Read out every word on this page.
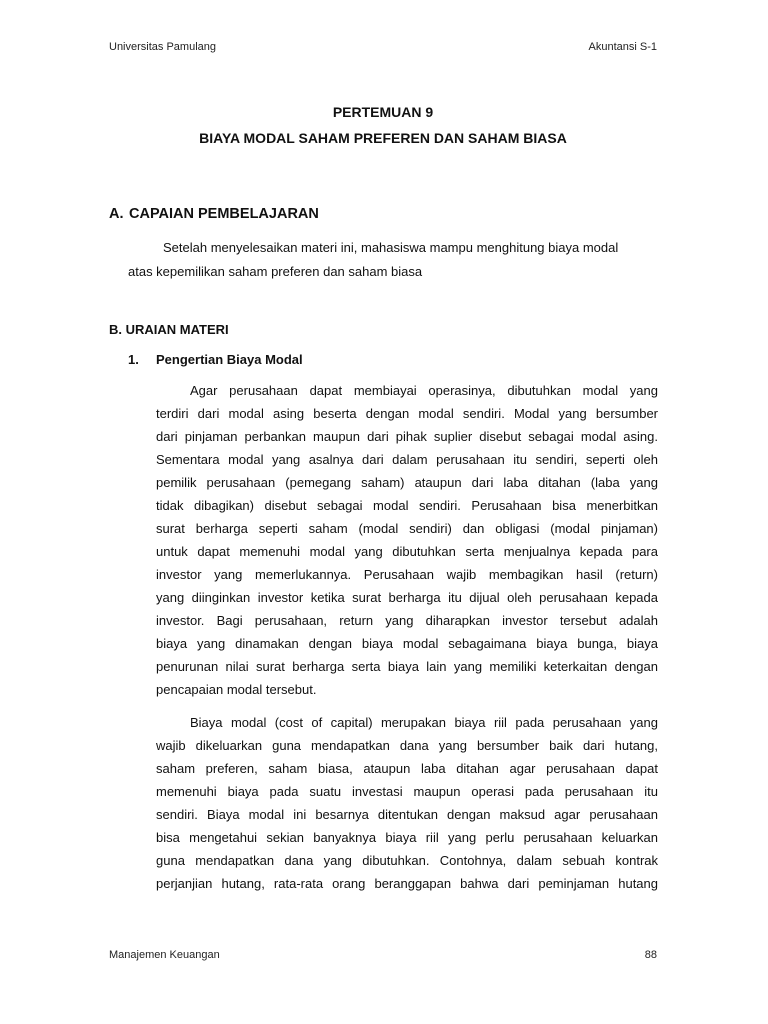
Universitas Pamulang	Akuntansi S-1
PERTEMUAN 9
BIAYA MODAL SAHAM PREFEREN DAN SAHAM BIASA
A. CAPAIAN PEMBELAJARAN
Setelah menyelesaikan materi ini, mahasiswa mampu menghitung biaya modal
atas kepemilikan saham preferen dan saham biasa
B. URAIAN MATERI
1. Pengertian Biaya Modal
Agar perusahaan dapat membiayai operasinya, dibutuhkan modal yang
terdiri dari modal asing beserta dengan modal sendiri. Modal yang bersumber
dari pinjaman perbankan maupun dari pihak suplier disebut sebagai modal asing.
Sementara modal yang asalnya dari dalam perusahaan itu sendiri, seperti oleh
pemilik perusahaan (pemegang saham) ataupun dari laba ditahan (laba yang
tidak dibagikan) disebut sebagai modal sendiri. Perusahaan bisa menerbitkan
surat berharga seperti saham (modal sendiri) dan obligasi (modal pinjaman)
untuk dapat memenuhi modal yang dibutuhkan serta menjualnya kepada para
investor yang memerlukannya. Perusahaan wajib membagikan hasil (return)
yang diinginkan investor ketika surat berharga itu dijual oleh perusahaan kepada
investor. Bagi perusahaan, return yang diharapkan investor tersebut adalah
biaya yang dinamakan dengan biaya modal sebagaimana biaya bunga, biaya
penurunan nilai surat berharga serta biaya lain yang memiliki keterkaitan dengan
pencapaian modal tersebut.
Biaya modal (cost of capital) merupakan biaya riil pada perusahaan yang
wajib dikeluarkan guna mendapatkan dana yang bersumber baik dari hutang,
saham preferen, saham biasa, ataupun laba ditahan agar perusahaan dapat
memenuhi biaya pada suatu investasi maupun operasi pada perusahaan itu
sendiri. Biaya modal ini besarnya ditentukan dengan maksud agar perusahaan
bisa mengetahui sekian banyaknya biaya riil yang perlu perusahaan keluarkan
guna mendapatkan dana yang dibutuhkan. Contohnya, dalam sebuah kontrak
perjanjian hutang, rata-rata orang beranggapan bahwa dari peminjaman hutang
Manajemen Keuangan	88
